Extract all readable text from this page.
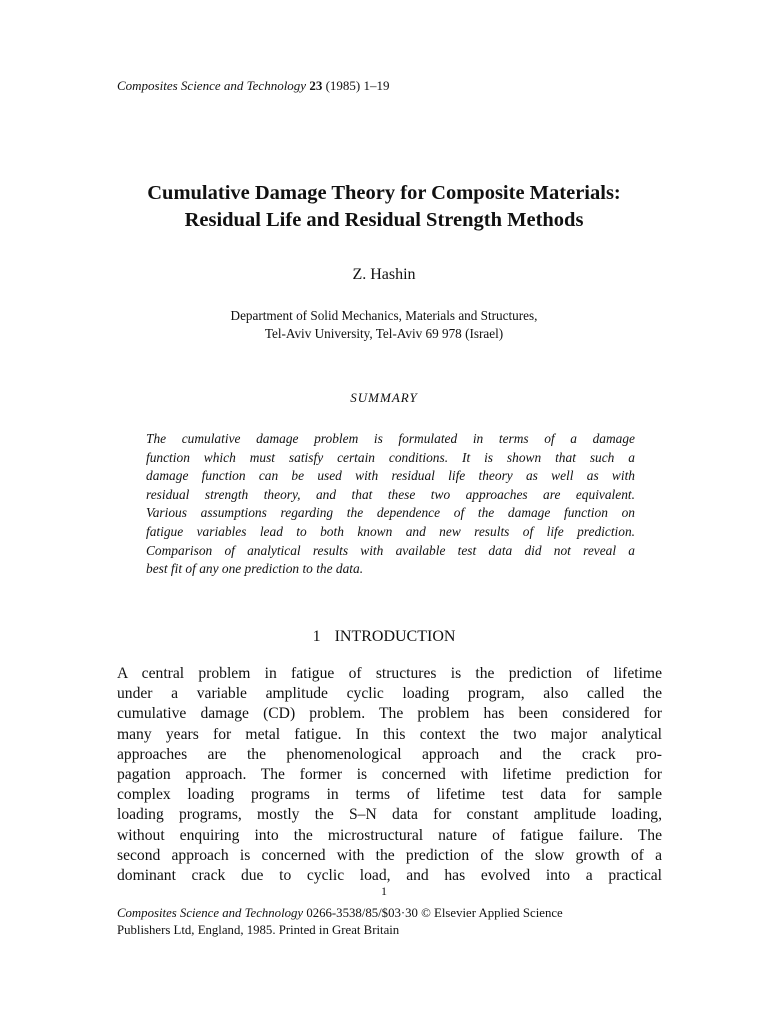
Composites Science and Technology 23 (1985) 1–19
Cumulative Damage Theory for Composite Materials:
Residual Life and Residual Strength Methods
Z. Hashin
Department of Solid Mechanics, Materials and Structures,
Tel-Aviv University, Tel-Aviv 69 978 (Israel)
SUMMARY
The cumulative damage problem is formulated in terms of a damage
function which must satisfy certain conditions. It is shown that such a
damage function can be used with residual life theory as well as with
residual strength theory, and that these two approaches are equivalent.
Various assumptions regarding the dependence of the damage function on
fatigue variables lead to both known and new results of life prediction.
Comparison of analytical results with available test data did not reveal a
best fit of any one prediction to the data.
1 INTRODUCTION
A central problem in fatigue of structures is the prediction of lifetime
under a variable amplitude cyclic loading program, also called the
cumulative damage (CD) problem. The problem has been considered for
many years for metal fatigue. In this context the two major analytical
approaches are the phenomenological approach and the crack pro-
pagation approach. The former is concerned with lifetime prediction for
complex loading programs in terms of lifetime test data for sample
loading programs, mostly the S–N data for constant amplitude loading,
without enquiring into the microstructural nature of fatigue failure. The
second approach is concerned with the prediction of the slow growth of a
dominant crack due to cyclic load, and has evolved into a practical
1
Composites Science and Technology 0266-3538/85/$03·30 © Elsevier Applied Science
Publishers Ltd, England, 1985. Printed in Great Britain
